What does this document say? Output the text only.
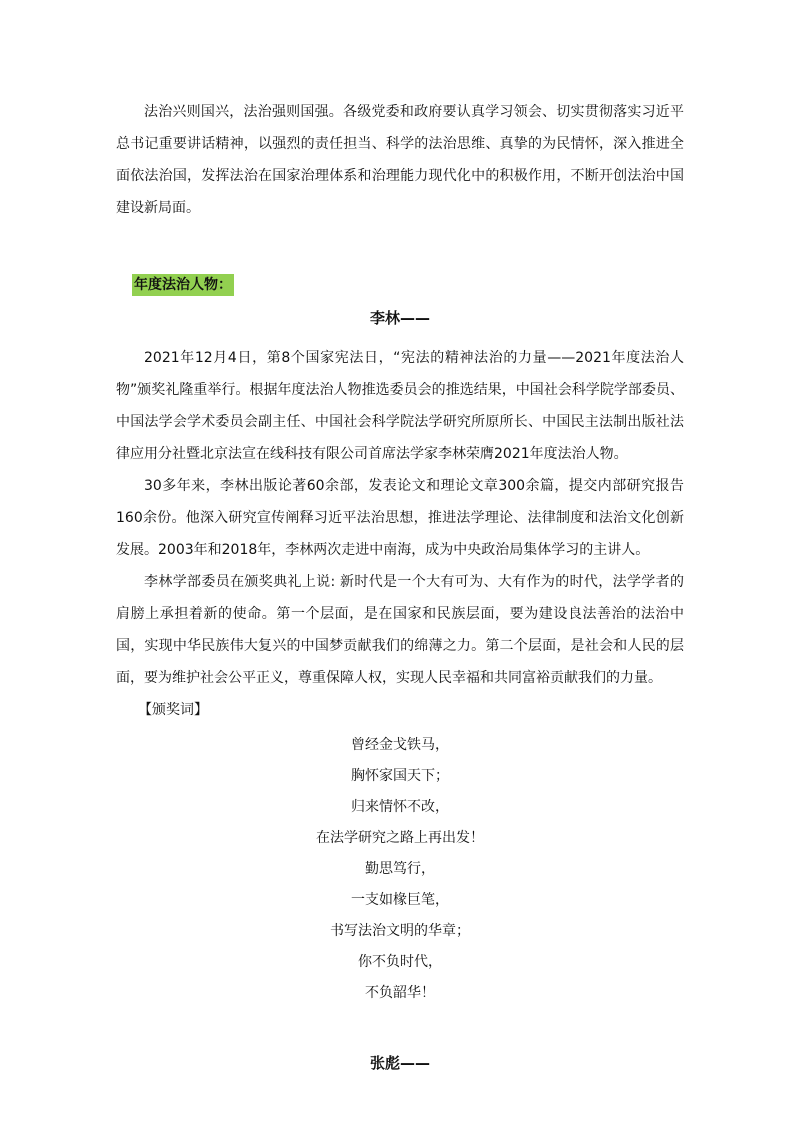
法治兴则国兴，法治强则国强。各级党委和政府要认真学习领会、切实贯彻落实习近平总书记重要讲话精神，以强烈的责任担当、科学的法治思维、真挚的为民情怀，深入推进全面依法治国，发挥法治在国家治理体系和治理能力现代化中的积极作用，不断开创法治中国建设新局面。

年度法治人物：
李林——

2021年12月4日，第8个国家宪法日，“宪法的精神法治的力量——2021年度法治人物”颁奖礼隆重举行。根据年度法治人物推选委员会的推选结果，中国社会科学院学部委员、中国法学会学术委员会副主任、中国社会科学院法学研究所原所长、中国民主法制出版社法律应用分社暨北京法宣在线科技有限公司首席法学家李林荣膺2021年度法治人物。

30多年来，李林出版论著60余部，发表论文和理论文章300余篇，提交内部研究报告160余份。他深入研究宣传阐释习近平法治思想，推进法学理论、法律制度和法治文化创新发展。2003年和2018年，李林两次走进中南海，成为中央政治局集体学习的主讲人。

李林学部委员在颁奖典礼上说: 新时代是一个大有可为、大有作为的时代，法学学者的肩膀上承担着新的使命。第一个层面，是在国家和民族层面，要为建设良法善治的法治中国，实现中华民族伟大复兴的中国梦贡献我们的绵薄之力。第二个层面，是社会和人民的层面，要为维护社会公平正义，尊重保障人权，实现人民幸福和共同富裕贡献我们的力量。

【颁奖词】
曾经金戈铁马，
胸怀家国天下；
归来情怀不改，
在法学研究之路上再出发！
勤思笃行，
一支如椽巨笔，
书写法治文明的华章；
你不负时代，
不负韶华！
张彪——
